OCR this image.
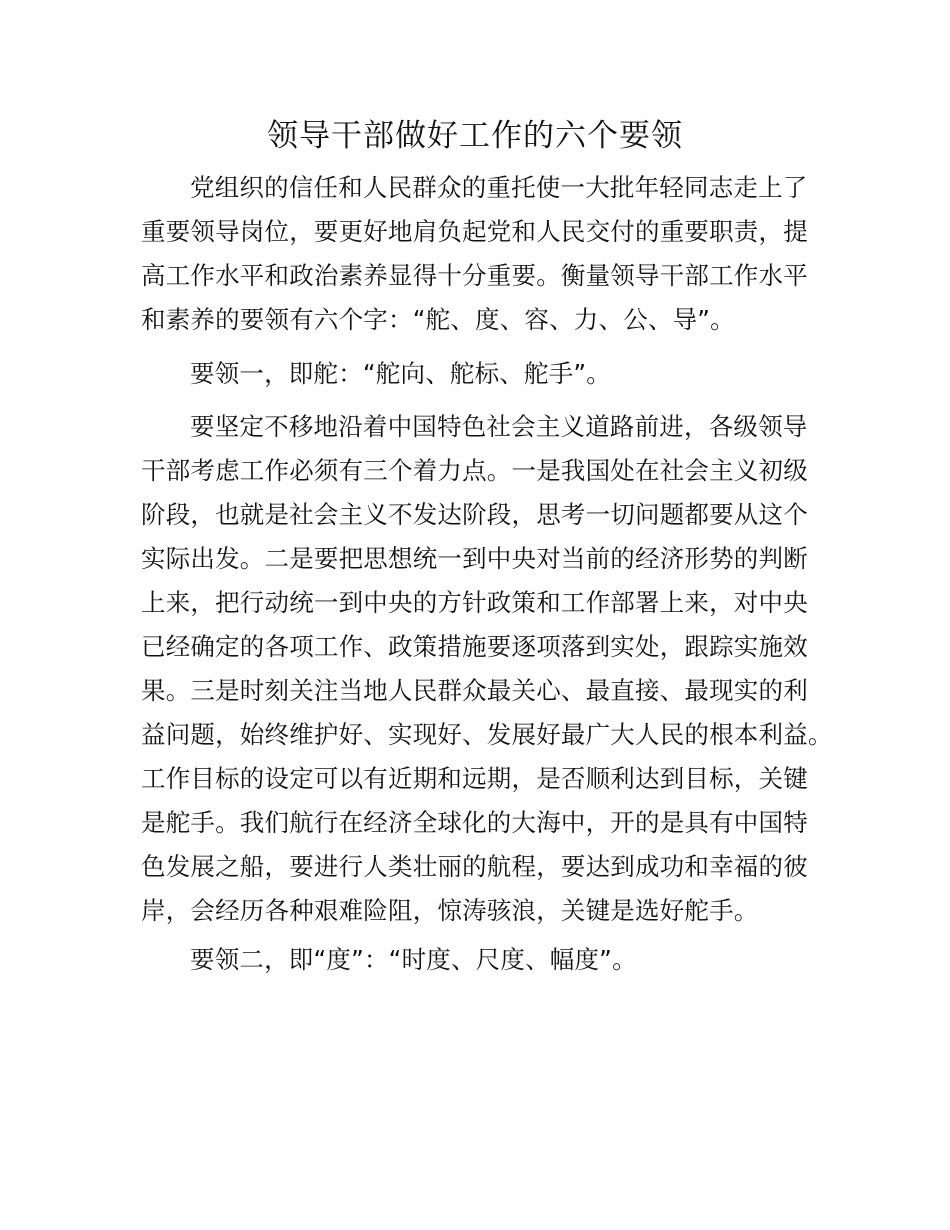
领导干部做好工作的六个要领
党组织的信任和人民群众的重托使一大批年轻同志走上了
重要领导岗位，要更好地肩负起党和人民交付的重要职责，提
高工作水平和政治素养显得十分重要。衡量领导干部工作水平
和素养的要领有六个字：“舵、度、容、力、公、导”。
要领一，即舵：“舵向、舵标、舵手”。
要坚定不移地沿着中国特色社会主义道路前进，各级领导
干部考虑工作必须有三个着力点。一是我国处在社会主义初级
阶段，也就是社会主义不发达阶段，思考一切问题都要从这个
实际出发。二是要把思想统一到中央对当前的经济形势的判断
上来，把行动统一到中央的方针政策和工作部署上来，对中央
已经确定的各项工作、政策措施要逐项落到实处，跟踪实施效
果。三是时刻关注当地人民群众最关心、最直接、最现实的利
益问题，始终维护好、实现好、发展好最广大人民的根本利益。
工作目标的设定可以有近期和远期，是否顺利达到目标，关键
是舵手。我们航行在经济全球化的大海中，开的是具有中国特
色发展之船，要进行人类壮丽的航程，要达到成功和幸福的彼
岸，会经历各种艰难险阻，惊涛骇浪，关键是选好舵手。
要领二，即“度”：“时度、尺度、幅度”。
